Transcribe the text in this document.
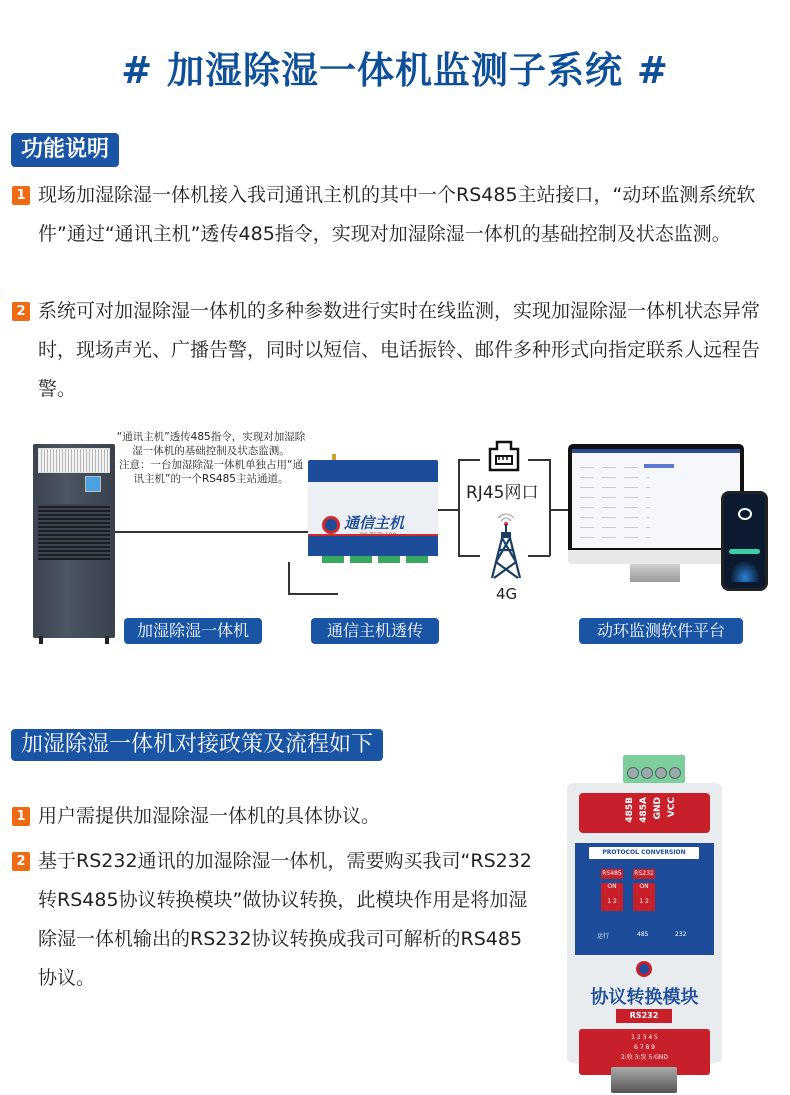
# 加湿除湿一体机监测子系统 #
功能说明
1 现场加湿除湿一体机接入我司通讯主机的其中一个RS485主站接口，“动环监测系统软件”通过“通讯主机”透传485指令，实现对加湿除湿一体机的基础控制及状态监测。
2 系统可对加湿除湿一体机的多种参数进行实时在线监测，实现加湿除湿一体机状态异常时，现场声光、广播告警，同时以短信、电话振铃、邮件多种形式向指定联系人远程告警。
“通讯主机”透传485指令，实现对加湿除湿一体机的基础控制及状态监测。
注意：一台加湿除湿一体机单独占用“通讯主机”的一个RS485主站通道。
通信主机
RJ45网口
4G
加湿除湿一体机	通信主机透传	动环监测软件平台
加湿除湿一体机对接政策及流程如下
1 用户需提供加湿除湿一体机的具体协议。
2 基于RS232通讯的加湿除湿一体机，需要购买我司“RS232转RS485协议转换模块”做协议转换，此模块作用是将加湿除湿一体机输出的RS232协议转换成我司可解析的RS485协议。
485B 485A GND VCC
PROTOCOL CONVERSION MODULE
RS485 RS232
ON
1 2
ON
1 2
运行	485	232
协议转换模块
RS232
1 2 3 4 5
6 7 8 9
2:收 3:发 5:GND
